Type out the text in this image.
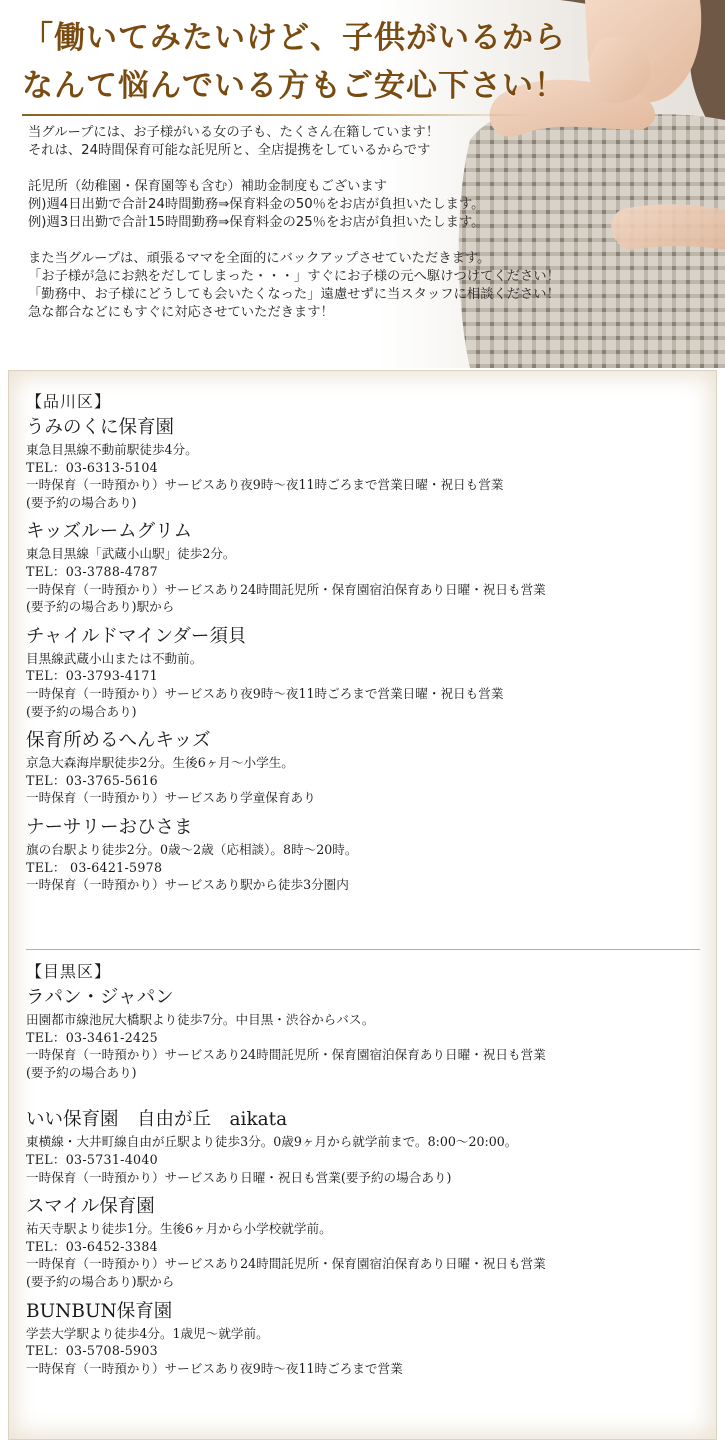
「働いてみたいけど、子供がいるから
なんて悩んでいる方もご安心下さい！

当グループには、お子様がいる女の子も、たくさん在籍しています！

それは、24時間保育可能な託児所と、全店提携をしているからです

託児所（幼稚園・保育園等も含む）補助金制度もございます

例)週4日出勤で合計24時間勤務⇒保育料金の50％をお店が負担いたします。

例)週3日出勤で合計15時間勤務⇒保育料金の25％をお店が負担いたします。

また当グループは、頑張るママを全面的にバックアップさせていただきます。

「お子様が急にお熱をだしてしまった・・・」すぐにお子様の元へ駆けつけてください！

「勤務中、お子様にどうしても会いたくなった」遠慮せずに当スタッフに相談ください！

急な都合などにもすぐに対応させていただきます！

【品川区】

うみのくに保育園

東急目黒線不動前駅徒歩4分。

TEL：03-6313-5104

一時保育（一時預かり）サービスあり夜9時～夜11時ごろまで営業日曜・祝日も営業

(要予約の場合あり)

キッズルームグリム

東急目黒線「武蔵小山駅」徒歩2分。

TEL：03-3788-4787

一時保育（一時預かり）サービスあり24時間託児所・保育園宿泊保育あり日曜・祝日も営業

(要予約の場合あり)駅から

チャイルドマインダー須貝

目黒線武蔵小山または不動前。

TEL：03-3793-4171

一時保育（一時預かり）サービスあり夜9時～夜11時ごろまで営業日曜・祝日も営業

(要予約の場合あり)

保育所めるへんキッズ

京急大森海岸駅徒歩2分。生後6ヶ月～小学生。

TEL：03-3765-5616

一時保育（一時預かり）サービスあり学童保育あり

ナーサリーおひさま

旗の台駅より徒歩2分。0歳～2歳（応相談）。8時～20時。

TEL： 03-6421-5978

一時保育（一時預かり）サービスあり駅から徒歩3分圏内

【目黒区】

ラパン・ジャパン

田園都市線池尻大橋駅より徒歩7分。中目黒・渋谷からバス。

TEL：03-3461-2425

一時保育（一時預かり）サービスあり24時間託児所・保育園宿泊保育あり日曜・祝日も営業

(要予約の場合あり)

いい保育園　自由が丘　aikata

東横線・大井町線自由が丘駅より徒歩3分。0歳9ヶ月から就学前まで。8:00～20:00。

TEL：03-5731-4040

一時保育（一時預かり）サービスあり日曜・祝日も営業(要予約の場合あり)

スマイル保育園

祐天寺駅より徒歩1分。生後6ヶ月から小学校就学前。

TEL：03-6452-3384

一時保育（一時預かり）サービスあり24時間託児所・保育園宿泊保育あり日曜・祝日も営業

(要予約の場合あり)駅から

BUNBUN保育園

学芸大学駅より徒歩4分。1歳児～就学前。

TEL：03-5708-5903

一時保育（一時預かり）サービスあり夜9時～夜11時ごろまで営業
